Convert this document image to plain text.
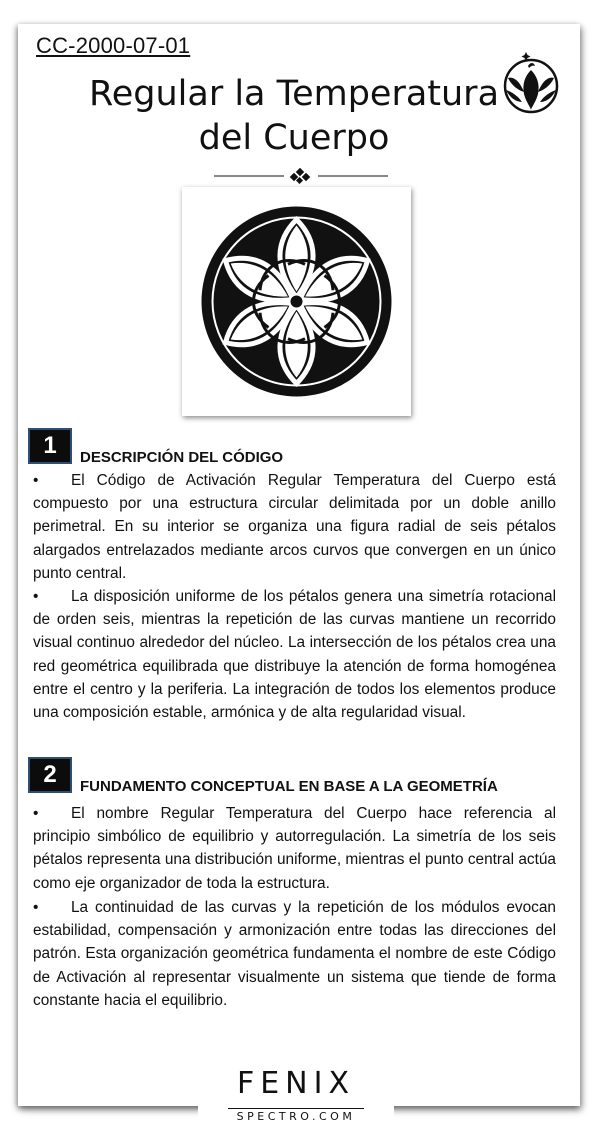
CC-2000-07-01
Regular la Temperatura
del Cuerpo
1	DESCRIPCIÓN DEL CÓDIGO

• El Código de Activación Regular Temperatura del Cuerpo está compuesto por una estructura circular delimitada por un doble anillo perimetral. En su interior se organiza una figura radial de seis pétalos alargados entrelazados mediante arcos curvos que convergen en un único punto central.

• La disposición uniforme de los pétalos genera una simetría rotacional de orden seis, mientras la repetición de las curvas mantiene un recorrido visual continuo alrededor del núcleo. La intersección de los pétalos crea una red geométrica equilibrada que distribuye la atención de forma homogénea entre el centro y la periferia. La integración de todos los elementos produce una composición estable, armónica y de alta regularidad visual.

2	FUNDAMENTO CONCEPTUAL EN BASE A LA GEOMETRÍA

• El nombre Regular Temperatura del Cuerpo hace referencia al principio simbólico de equilibrio y autorregulación. La simetría de los seis pétalos representa una distribución uniforme, mientras el punto central actúa como eje organizador de toda la estructura.

• La continuidad de las curvas y la repetición de los módulos evocan estabilidad, compensación y armonización entre todas las direcciones del patrón. Esta organización geométrica fundamenta el nombre de este Código de Activación al representar visualmente un sistema que tiende de forma constante hacia el equilibrio.

FENIX
SPECTRO.COM
